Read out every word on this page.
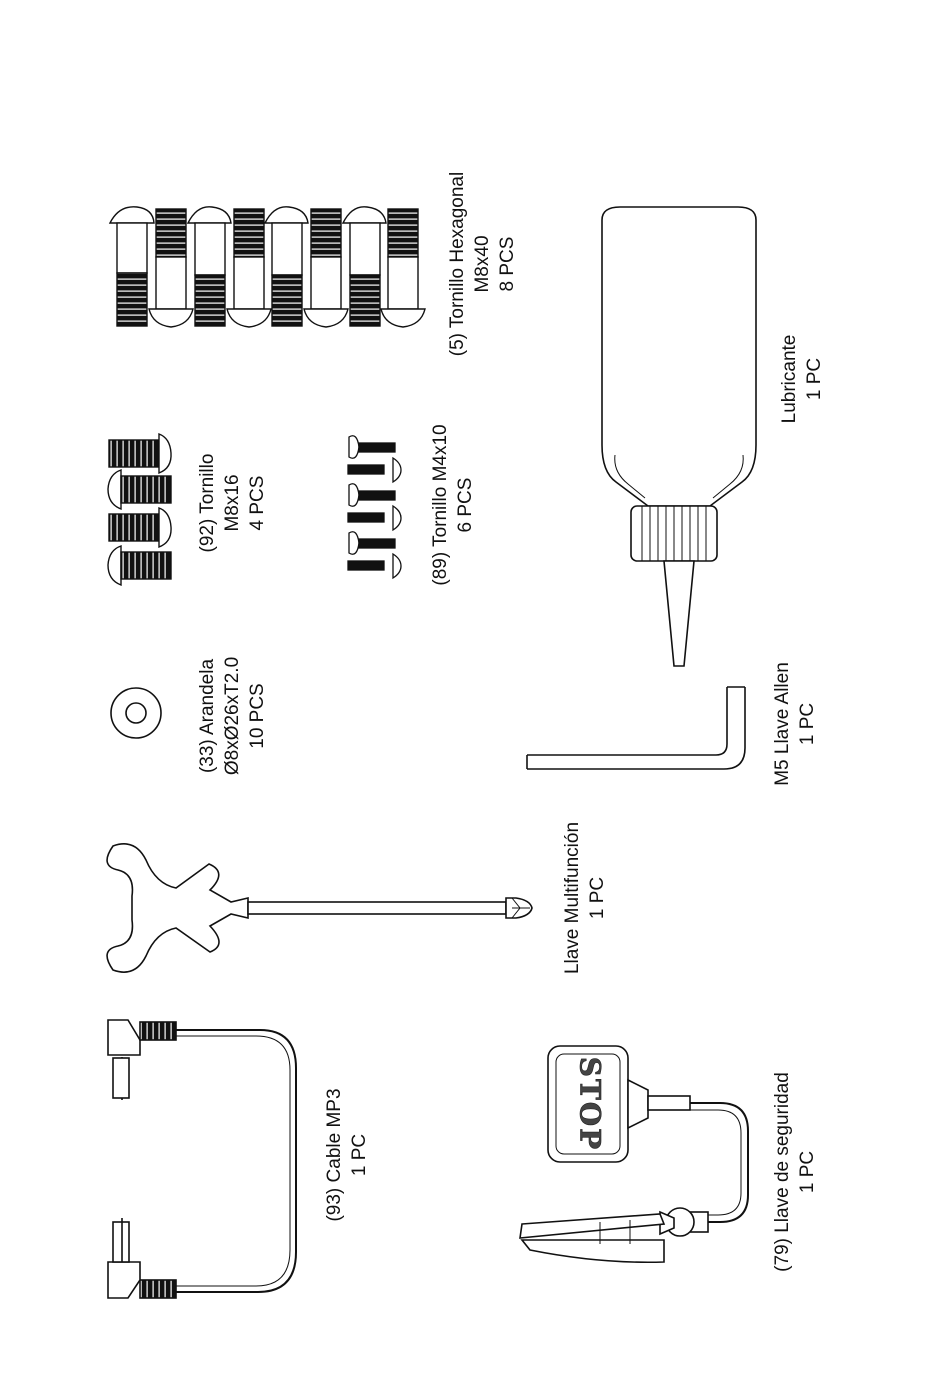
STOP
(5) Tornillo Hexagonal M8x40 8 PCS
(92) Tornillo M8x16 4 PCS	(89) Tornillo M4x10 6 PCS
(33) Arandela Ø8xØ26xT2.0 10 PCS
Lubricante 1 PC
M5 Llave Allen 1 PC
Llave Multifunción 1 PC
(93) Cable MP3 1 PC	(79) Llave de seguridad 1 PC
